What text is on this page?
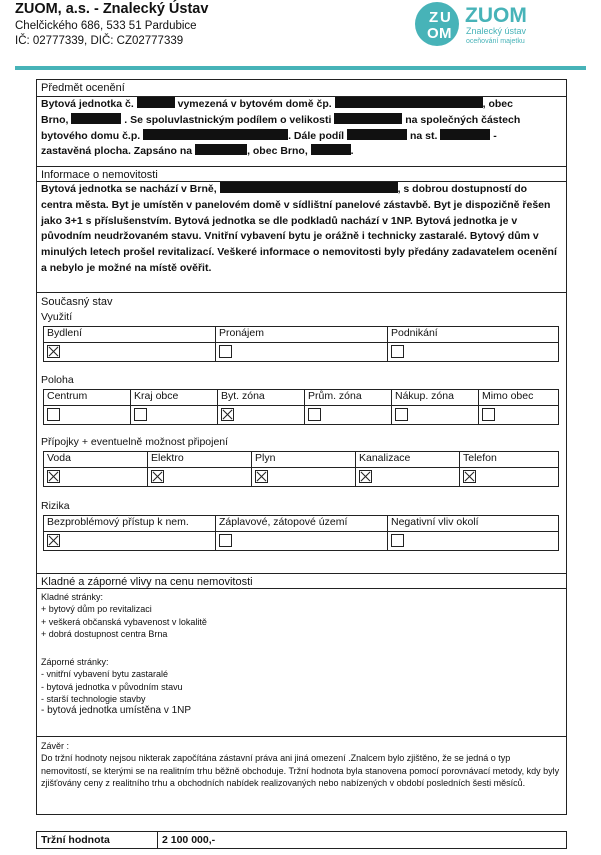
ZUOM, a.s. - Znalecký Ústav
Chelčického 686, 533 51 Pardubice
IČ: 02777339, DIČ: CZ02777339
Z U
O M
ZUOM
Znalecký ústav
oceňování majetku
Předmět ocenění
Bytová jednotka č.	vymezená v bytovém domě čp.	, obec
Brno,	. Se spoluvlastnickým podílem o velikosti	na společných částech
bytového domu č.p.	. Dále podíl	na st.	-
zastavěná plocha. Zapsáno na	, obec Brno,	.
Informace o nemovitosti
Bytová jednotka se nachází v Brně,	, s dobrou dostupností do centra města. Byt je umístěn v panelovém domě v sídlištní panelové zástavbě. Byt je dispozičně řešen jako 3+1 s příslušenstvím. Bytová jednotka se dle podkladů nachází v 1NP. Bytová jednotka je v původním neudržovaném stavu. Vnitřní vybavení bytu je orážně i technicky zastaralé. Bytový dům v minulých letech prošel revitalizací. Veškeré informace o nemovitosti byly předány zadavatelem ocenění a nebylo je možné na místě ověřit.
Současný stav
Využití
Bydlení	Pronájem	Podnikání

Poloha
Centrum	Kraj obce	Byt. zóna	Prům. zóna	Nákup. zóna	Mimo obec

Přípojky + eventuelně možnost připojení
Voda	Elektro	Plyn	Kanalizace	Telefon

Rizika
Bezproblémový přístup k nem.	Záplavové, zátopové území	Negativní vliv okolí

Kladné a záporné vlivy na cenu nemovitosti
Kladné stránky:
+ bytový dům po revitalizaci
+ veškerá občanská vybavenost v lokalitě
+ dobrá dostupnost centra Brna
Záporné stránky:
- vnitřní vybavení bytu zastaralé
- bytová jednotka v původním stavu
- starší technologie stavby
- bytová jednotka umístěna v 1NP
Závěr :
Do tržní hodnoty nejsou nikterak započítána zástavní práva ani jiná omezení .Znalcem bylo zjištěno, že se jedná o typ nemovitostí, se kterými se na realitním trhu běžně obchoduje. Tržní hodnota byla stanovena pomocí porovnávací metody, kdy byly zjišťovány ceny z realitního trhu a obchodních nabídek realizovaných nebo nabízených v období posledních šesti měsíců.
Tržní hodnota	2 100 000,-
